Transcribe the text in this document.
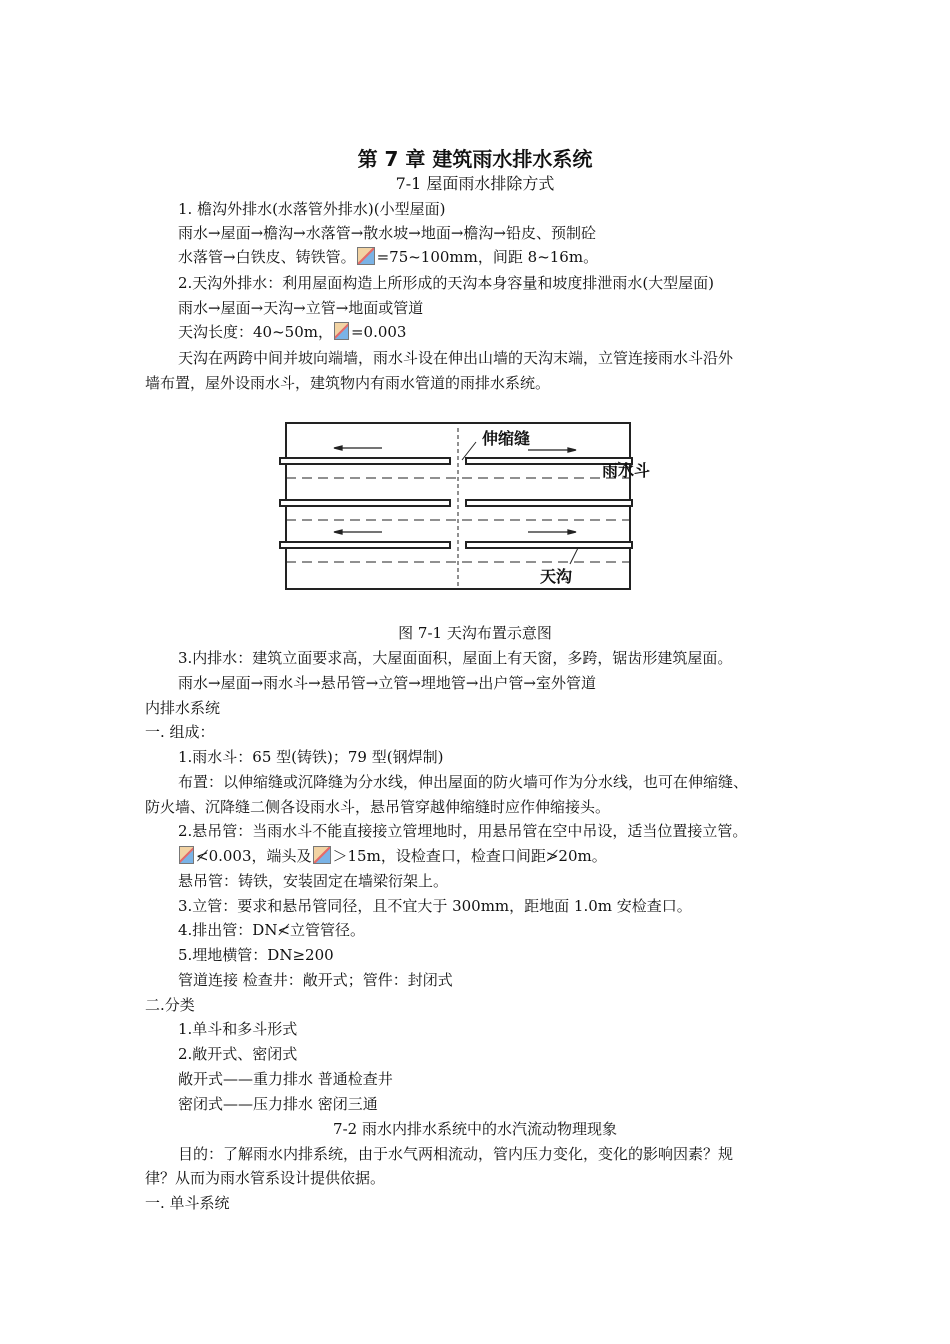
第 7 章 建筑雨水排水系统
7-1 屋面雨水排除方式
1. 檐沟外排水(水落管外排水)(小型屋面)
雨水→屋面→檐沟→水落管→散水坡→地面→檐沟→铅皮、预制砼
水落管→白铁皮、铸铁管。 =75~100mm，间距 8~16m。
2.天沟外排水：利用屋面构造上所形成的天沟本身容量和坡度排泄雨水(大型屋面)
雨水→屋面→天沟→立管→地面或管道
天沟长度：40~50m， =0.003
天沟在两跨中间并坡向端墙，雨水斗设在伸出山墙的天沟末端，立管连接雨水斗沿外
墙布置，屋外设雨水斗，建筑物内有雨水管道的雨排水系统。
伸缩缝
雨水斗
天沟
图 7-1 天沟布置示意图
3.内排水：建筑立面要求高，大屋面面积，屋面上有天窗，多跨，锯齿形建筑屋面。
雨水→屋面→雨水斗→悬吊管→立管→埋地管→出户管→室外管道
内排水系统
一. 组成：
1.雨水斗：65 型(铸铁)；79 型(钢焊制)
布置：以伸缩缝或沉降缝为分水线，伸出屋面的防火墙可作为分水线，也可在伸缩缝、
防火墙、沉降缝二侧各设雨水斗，悬吊管穿越伸缩缝时应作伸缩接头。
2.悬吊管：当雨水斗不能直接接立管埋地时，用悬吊管在空中吊设，适当位置接立管。
≮0.003，端头及 ＞15m，设检查口，检查口间距≯20m。
悬吊管：铸铁，安装固定在墙梁衍架上。
3.立管：要求和悬吊管同径，且不宜大于 300mm，距地面 1.0m 安检查口。
4.排出管：DN≮立管管径。
5.埋地横管：DN≥200
管道连接 检查井：敞开式；管件：封闭式
二.分类
1.单斗和多斗形式
2.敞开式、密闭式
敞开式——重力排水 普通检查井
密闭式——压力排水 密闭三通
7-2 雨水内排水系统中的水汽流动物理现象
目的：了解雨水内排系统，由于水气两相流动，管内压力变化，变化的影响因素？规
律？从而为雨水管系设计提供依据。
一. 单斗系统
